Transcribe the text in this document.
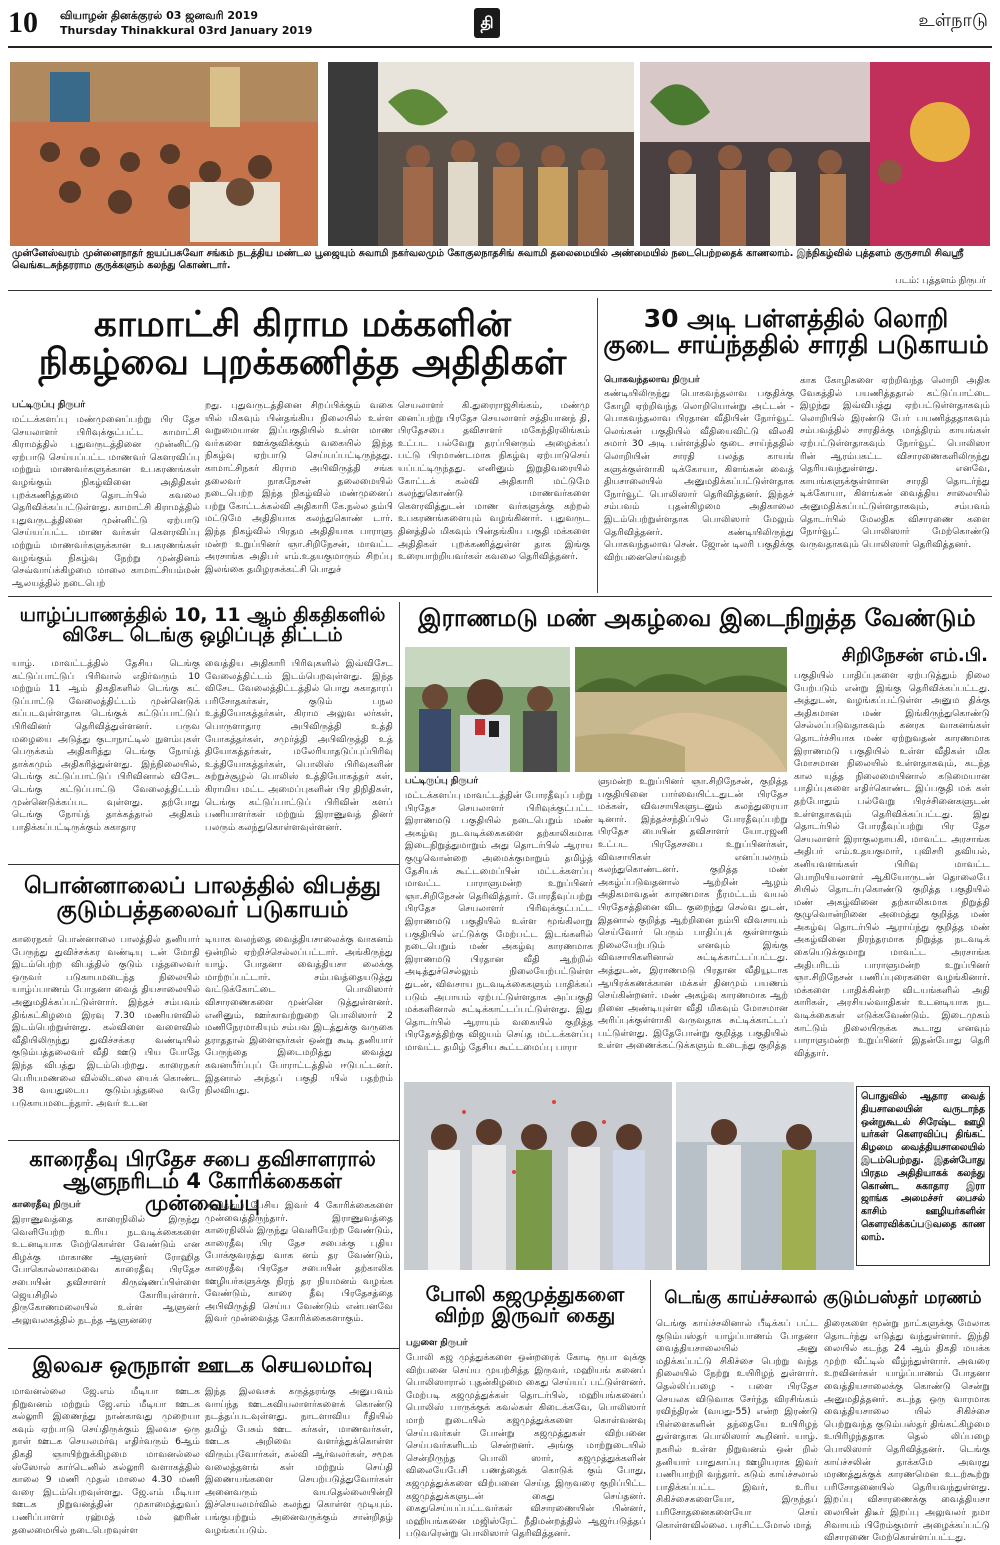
10 வியாழன் தினக்குரல் 03 ஜனவரி 2019
Thursday Thinakkural 03rd January 2019	தி	உள்நாடு
முன்னேஸ்வரம் முன்னைநாதர் ஐயப்பசுவோ சங்கம் நடத்திய மண்டல பூஜையும் சுவாமி நகர்வலமும் கோகுலநாதசிங் சுவாமி தலைமையில் அண்மையில் நடைபெற்றதைக் காணலாம். இந்நிகழ்வில் புத்தளம் குருசாமி சிவஸ்ரீ வெங்கடசுந்தரராம குருக்களும் கலந்து கொண்டார்.
படம்: புத்தளம் நிருபர்
காமாட்சி கிராம மக்களின்
நிகழ்வை புறக்கணித்த அதிதிகள்
பட்டிருப்பு நிருபர்
மட்டக்களப்பு மண்முனைப்பற்று பிர தேச செயலாளர் பிரிவுக்குட்பட்ட காமாட்சி கிராமத்தில் புதுவருடத்தினை முன்னிட்டு ஏற்பாடு செய்யப்பட்ட மாணவர் கௌரவிப்பு மற்றும் மாணவர்களுக்கான உபகரணங்கள் வழங்கும் நிகழ்வினை அதிதிகள் புறக்கணித்தமை தொடர்பில் கவலை தெரிவிக்கப்பட்டுள்ளது. காமாட்சி கிராமத்தில் புதுவருடத்தினை முன்னிட்டு ஏற்பாடு செய்யப்பட்ட மாண வர்கள் கௌரவிப்பு மற்றும் மாணவர்களுக்கான உபகரணங்கள் வழங்கும் நிகழ்வு நேற்று முன்தினம் செவ்வாய்க்கிழமை மாலை காமாட்சியம்மன் ஆலயத்தில் நடைபெற்
றது. புதுவருடத்தினை சிறப்பிக்கும் வகை யில் மிகவும் பின்தங்கிய நிலையில் உள்ள வறுமையான இப்பகுதியில் உள்ள மாண வர்களை ஊக்குவிக்கும் வகையில் இந்த நிகழ்வு ஏற்பாடு செய்யப்பட்டிருந்தது. காமாட்சிநகர் கிராம அபிவிருத்தி சங்க தலைவர் நாகநேசன் தலைமையில் நடைபெற்ற இந்த நிகழ்வில் மண்முனைப் பற்று கோட்டக்கல்வி அதிகாரி கே.நல்ல தம்பி மட்டுமே அதிதியாக கலந்துகொண் டார். இந்த நிகழ்வில் பிரதம அதிதியாக பாராளு மன்ற உறுப்பினர் ஞா.சிறிநேசன், மாவட்ட அரசாங்க அதிபர் எம்.உதயகுமாரும் சிறப்பு இலங்கை தமிழரசுக்கட்சி பொதுச்
செயலாளர் கி.துரைராஜசிங்கம், மண்மு னைப்பற்று பிரதேச செயலாளர் சத்தியானந் தி, பிரதேசபை தவிசாளர் மகேந்திரலிங்கம் உட்பட பல்வேறு தரப்பினரும் அழைக்கப் பட்டு பிரமாண்டமாக நிகழ்வு ஏற்பாடுசெய் யப்பட்டிருந்தது. எனினும் இறுதிவரையில் கோட்டக் கல்வி அதிகாரி மட்டுமே கலந்துகொண்டு மாணவர்களை கௌரவித்துடன் மாண வர்களுக்கு கற்றல் உபகரணங்களையும் வழங்கினார். புதுவருட தினத்தில் மிகவும் பின்தங்கிய பகுதி மக்களை அதிதிகள் புறக்கணித்துள்ள தாக இங்கு உரையாற்றியவர்கள் கவலை தெரிவித்தனர்.
30 அடி பள்ளத்தில் லொறி
குடை சாய்ந்ததில் சாரதி படுகாயம்
பொகவந்தலாவ நிருபர்
கண்டியிலிருந்து பொகவந்தலாவ பகுதிக்கு கோழி ஏற்றிவந்த லொறியொன்று அட்டன் - பொகவந்தலாவ பிரதான வீதியின் நோர்வூட் லெங்கன் பகுதியில் வீதியைவிட்டு விலகி சுமார் 30 அடி பள்ளத்தில் குடை சாய்ந்ததில் லொறியின் சாரதி பலத்த காயங் களுக்குள்ளாகி டிக்கோயா, கிளங்கன் வைத் தியசாலையில் அனுமதிக்கப்பட்டுள்ளதாக நோர்வூட் பொலிஸார் தெரிவித்தனர். இந்தச் சம்பவம் புதன்கிழமை அதிகாலை இடம்பெற்றுள்ளதாக பொலிஸார் மேலும் தெரிவித்தனர். கண்டியிலிருந்து பொகவந்தலாவ சென். ஜோன் டிலரி பகுதிக்கு விற்பனைசெய்வதற்
காக கோழிகளை ஏற்றிவந்த லொறி அதிக வேகத்தில் பயணித்ததால் கட்டுப்பாட்டை இழந்து இவ்விபத்து ஏற்பட்டுள்ளதாகவும் லொறியில் இரண்டு பேர் பயணித்ததாகவும் சம்பவத்தில் சாரதிக்கு மாத்திரம் காயங்கள் ஏற்பட்டுள்ளதாகவும் நோர்வூட் பொலிஸா ரின் ஆரம்பகட்ட விசாரணைகளிலிருந்து தெரியவந்துள்ளது. எனவே, காயங்களுக்குள்ளான சாரதி தொடர்ந்து டிக்கோயா, கிளங்கன் வைத்திய சாலையில் அனுமதிக்கப்பட்டுள்ளதாகவும், சம்பவம் தொடர்பில் மேலதிக விசாரணை களை நோர்வூட் பொலிஸார் மேற்கொண்டு வருவதாகவும் பொலிஸார் தெரிவித்தனர்.
யாழ்ப்பாணத்தில் 10, 11 ஆம் திகதிகளில்
விசேட டெங்கு ஒழிப்புத் திட்டம்
யாழ். மாவட்டத்தில் தேசிய டெங்கு கட்டுப்பாட்டுப் பிரிவால் எதிர்வரும் 10 மற்றும் 11 ஆம் திகதிகளில் டெங்கு கட் டுப்பாட்டு வேலைத்திட்டம் முன்னெடுக் கப்படவுள்ளதாக டெங்குக் கட்டுப்பாட்டுப் பிரிவினர் தெரிவித்துள்ளனர். பருவ மழையை அடுத்து குடாநாட்டில் நுளம்புகள் பெருக்கம் அதிகரித்து டெங்கு நோய்த் தாக்கமும் அதிகரித்துள்ளது. இந்நிலையில், டெங்கு கட்டுப்பாட்டுப் பிரிவினால் விசேட டெங்கு கட்டுப்பாட்டு வேலைத்திட்டம் முன்னெடுக்கப்பட வுள்ளது. தற்போது டெங்கு நோய்த் தாக்கத்தால் அதிகம் பாதிக்கப்பட்டிருக்கும் சுகாதார
வைத்திய அதிகாரி பிரிவுகளில் இவ்விசேட வேலைத்திட்டம் இடம்பெறவுள்ளது. இந்த விசேட வேலைத்திட்டத்தில் பொது சுகாதாரப் பரிசோதகர்கள், குடும் பநல உத்தியோகத்தர்கள், கிராம அலுவ லர்கள், பொருளாதார அபிவிருத்தி உத்தி யோகத்தர்கள், சமுர்த்தி அபிவிருத்தி உத் தியோகத்தர்கள், மலேரியாதடுப்புப்பிரிவு உத்தியோகத்தர்கள், பொலிஸ் பிரிவுகளின் சுற்றுச்சூழல் பொலிஸ் உத்தியோகத்தர் கள், கிராமிய மட்ட அமைப்புகளின் பிர திநிதிகள், டெங்கு கட்டுப்பாட்டுப் பிரிவின் களப் பணியாளர்கள் மற்றும் இராணுவத் தினர் பலரும் கலந்துகொள்ளவுள்ளனர்.
இராணமடு மண் அகழ்வை இடைநிறுத்த வேண்டும்
சிறிநேசன் எம்.பி.
பட்டிருப்பு நிருபர்
மட்டக்களப்பு மாவட்டத்தின் போரதீவுப் பற்று பிரதேச செயலாளர் பிரிவுக்குட்பட்ட இராணமடு பகுதியில் நடைபெறும் மண் அகழ்வு நடவடிக்கைகளை தற்காலிகமாக இடைநிறுத்துமாறும் அது தொடர்பில் ஆராய குழுவொன்றை அமைக்குமாறும் தமிழ்த் தேசியக் கூட்டமைப்பின் மட்டக்களப்பு மாவட்ட பாராளுமன்ற உறுப்பினர் ஞா.சிறிநேசன் தெரிவித்தார். போரதீவுப்பற்று பிரதேச செயலாளர் பிரிவுக்குட்பட்ட இராணமடு பகுதியில் உள்ள மூங்கிலாறு பகுதியில் எட்டுக்கு மேற்பட்ட இடங்களில் நடைபெறும் மண் அகழ்வு காரணமாக இராணமடு பிரதான வீதி ஆற்றில் அடித்துச்செல்லும் நிலையேற்பட்டுள்ள துடன், விவசாய நடவடிக்கைகளும் பாதிக்கப் படும் அபாயம் ஏற்பட்டுள்ளதாக அப்பகுதி மக்களினால் சுட்டிக்காட்டப்பட்டுள்ளது. இது தொடர்பில் ஆராயும் வகையில் குறித்த பிரதேசத்திற்கு விஜயம் செய்த மட்டக்களப்பு மாவட்ட தமிழ் தேசிய கூட்டமைப்பு பாரா
ளுமன்ற உறுப்பினர் ஞா.சிறிநேசன், குறித்த பகுதியினை பார்வையிட்டதுடன் பிரதேச மக்கள், விவசாயிகளுடனும் கலந்துரையா டினார். இந்தச்சந்திப்பில் போரதீவுப்பற்று பிரதேச பையின் தவிசாளர் யோ.ரஜனி உட்பட பிரதேசசபை உறுப்பினர்கள், விவசாயிகள் எனப்பலரும் கலந்துகொண்டனர். குறித்த மண் அகழ்ப்படுவதனால் ஆற்றின் ஆழம் அதிகமாவதன் காரணமாக நீரமட்டம் வயல் பிரதேசத்தினை விட குறைந்து செல்வ துடன், இதனால் குறித்த ஆற்றினை நம்பி விவசாயம் செய்வோர் பெரும் பாதிப்புக் குள்ளாகும் நிலையேற்படும் எனவும் இங்கு விவசாயிகளினால் சுட்டிக்காட்டப்பட்டது. அத்துடன், இராணமடு பிரதான வீதியூடாக ஆயிரக்கணக்கான மக்கள் தினமும் பயணம் செய்கின்றனர். மண் அகழ்வு காரணமாக ஆற் றினை அண்டியுள்ள வீதி மிகவும் மோசமான அரிப்புக்குள்ளாகி வருவதாக சுட்டிக்காட்டப் பட்டுள்ளது. இதேபோன்று குறித்த பகுதியில் உள்ள அணைக்கட்டுக்களும் உடைந்து குறித்த
பகுதியில் பாதிப்புகளை ஏற்படுத்தும் நிலை யேற்படும் என்று இங்கு தெரிவிக்கப்பட்டது. அத்துடன், வழங்கப்பட்டுள்ள அனும திக்கு அதிகமான மண் இங்கிருந்துகொண்டு செல்லப்படுவதாகவும் கனரக வாகனங்கள் தொடர்ச்சியாக மண் ஏற்றுவதன் காரணமாக இராணமடு பகுதியில் உள்ள வீதிகள் மிக மோசமான நிலையில் உள்ளதாகவும், கடந்த கால யுத்த நிலைமையினால் கடுமையான பாதிப்புகளை எதிர்கொண்ட இப்பகுதி மக் கள் தற்போதும் பல்வேறு பிரச்சினைகளுடன் உள்ளதாகவும் தெரிவிக்கப்பட்டது. இது தொடர்பில் போரதீவுப்பற்று பிர தேச செயலாளர் இராகுலநாயகி, மாவட்ட அரசாங்க அதிபர் எம்.உதயகுமார், புவிசரி தவியல், கனியவளங்கள் பிரிவு மாவட்ட பொறியியலாளர் ஆகியோருடன் தொலைபே சியில் தொடர்புகொண்டு குறித்த பகுதியில் மண் அகழ்வினை தற்காலிகமாக நிறுத்தி குழுவொன்றினை அமைத்து குறித்த மண் அகழ்வு தொடர்பில் ஆராய்ந்து குறித்த மண் அகழ்வினை நிரந்தரமாக நிறுத்த நடவடிக் கையெடுக்குமாறு மாவட்ட அரசாங்க அதிபரிடம் பாராளுமன்ற உறுப்பினர் ஞா.சிறிநேசன் பணிப்புரைகளை வழங்கினார். மக்களை பாதிக்கின்ற விடயங்களில் அதி காரிகள், அரசியல்வாதிகள் உடனடியாக நட வடிக்கைகள் எடுக்கவேண்டும். இடைமுகம் காட்டும் நிலையிருக்க கூடாது எனவும் பாராளுமன்ற உறுப்பினர் இதன்போது தெரி வித்தார்.
பொன்னாலைப் பாலத்தில் விபத்து
குடும்பத்தலைவர் படுகாயம்
காரைநகர் பொன்னாலை பாலத்தில் தனியார் பேருந்து துவிச்சக்கர வண்டியு டன் மோதி இடம்பெற்ற விபத்தில் குடும் பத்தலைவர் ஒருவர் படுகாயமடைந்த நிலையில் யாழ்ப்பாணம் போதனா வைத் தியசாலையில் அனுமதிக்கப்பட்டுள்ளார். இந்தச் சம்பவம் திங்கட்கிழமை இரவு 7.30 மணியளவில் இடம்பெற்றுள்ளது. கல்விளை வளைவில் வீதியிலிருந்து துவிச்சக்கர வண்டியில் குடும்பத்தலைவர் வீதி ஊடு பிய போதே இந்த விபத்து இடம்பெற்றது. காரைநகர் பெரியமணலை வில்லிடலை யைக் கொண்ட 38 வயதுடைய குடும்பத்தலை வரே படுகாயமடைந்தார். அவர் உடன
டியாக வலந்தை வைத்தியசாலைக்கு வாகனம் ஒன்றில் ஏற்றிச்செல்லப்பட்டார். அங்கிருந்து யாழ். போதனா வைத்தியசா லைக்கு மாற்றப்பட்டார். சம்பவத்தையடுத்து வட்டுக்கோட்டை பொலிஸார் விசாரணைகளை முன்னெ டுத்துள்ளனர். எனினும், ஊர்காவற்றுறை பொலிஸார் 2 மணிநேரமாகியும் சம்பவ இடத்துக்கு வருகை தராததால் இளைஞர்கள் ஒன்று கூடி தனியார் பேருந்தை இடைமறித்து வைத்து கவனயீர்ப்புப் போராட்டத்தில் ஈடுபட்டனர். இதனால் அந்தப் பகுதி யில் பதற்றம் நிலவியது.
காரைதீவு பிரதேச சபை தவிசாளரால்
ஆளுநரிடம் 4 கோரிக்கைகள் முன்வைப்பு
காரைதீவு நிருபர்
இராணுவத்தை காரைநிலில் இருந்து வெளியேற்ற உரிய நடவடிக்கைகளை உடனடியாக மேற்கொள்ள வேண்டும் என கிழக்கு மாகாண ஆளுனர் ரோஹித போகொல்லாகமவை காரைதீவு பிரதேச சபையின் தவிசாளர் கிருஷ்ணப்பிள்ளை ஜெயசிறில் கோரியுள்ளார். திருகோணமலையில் உள்ள ஆளுனர் அலுவலகத்தில் நடந்த ஆளுனரை
சந்தித்துப் பேசிய இவர் 4 கோரிக்கைகளை முன்வைத்திருந்தார். இராணுவத்தை காரைநிலில் இருந்து வெளியேற்ற வேண்டும், காரைதீவு பிர தேச சபைக்கு புதிய போக்குவரத்து வாக னம் தர வேண்டும், காரைதீவு பிரதேச சபையின் தற்காலிக ஊழியர்களுக்கு நிரந் தர நியமனம் வழங்க வேண்டும், காரை தீவு பிரதேசத்தை அபிவிருத்தி செய்ய வேண்டும் என்பனவே இவர் முன்வைத்த கோரிக்கைகளாகும்.
இலவச ஒருநாள் ஊடக செயலமர்வு
மாவனல்லை ஜே.எம் மீடியா ஊடக நிறுவனம் மற்றும் ஜே.எம் மீடியா ஊடக கல்லூரி இணைந்து நான்காவது முறையா கவும் ஏற்பாடு செய்திருக்கும் இலவச ஒரு நாள் ஊடக செயலமர்வு எதிர்வரும் 6ஆம் திகதி ஞாயிற்றுக்கிழமை மாவனல்லை ஸ்ஸோல் கார்டெனில் கல்லூரி வளாகத்தில் காலை 9 மணி முதல் மாலை 4.30 மணி வரை இடம்பெறவுள்ளது. ஜே.எம் மீடியா ஊடக நிறுவனத்தின் முகாமைத்துவப் பணிப்பாளர் ரஹ்மத் மல் ஹரின் தலைமையில் நடைபெறவுள்ள
இந்த இலவசக் கருத்தரங்கு அனுபவம் வாய்ந்த ஊடகவியலாளர்களைக் கொண்டு நடத்தப்படவுள்ளது. நாடளாவிய ரீதியில் தமிழ் பேசும் ஊட கர்கள், மாணவர்கள், ஊடக அறிவை வளர்த்துக்கொள்ள விரும்புவோர்கள், கல்வி ஆர்வலர்கள், சமூக வலைத்தளங் கள் மற்றும் செய்தி இணையங்களை செயற்படுத்துவோர்கள் அனைவரும் வயதெல்லையின்றி இச்செயலமர்வில் கலந்து கொள்ள முடியும். பங்குபற்றும் அனைவருக்கும் சான்றிதழ் வழங்கப்படும்.
பொதுவில் ஆதார வைத் தியசாலையின் வருடாந்த ஒன்றுகூடல் சிரேஷ்ட ஊழி யர்கள் கௌரவிப்பு திங்கட் கிழமை வைத்தியசாலையில் இடம்பெற்றது. இதன்போது பிரதம அதிதியாகக் கலந்து கொண்ட சுகாதார இரா ஜாங்க அமைச்சர் பைசல் காசிம் ஊழியர்களின் கௌரவிக்கப்படுவதை காண லாம்.
போலி கஜமுத்துகளை
விற்ற இருவர் கைது
பதுளை நிருபர்
போலி கஜ முத்துக்களை ஒன்றரைக் கோடி ரூபா வுக்கு விற்பனை செய்ய முயற்சித்த இருவர், மஹியங் கனைப் பொலிஸாரால் புதன்கிழமை கைது செய்யப் பட்டுள்ளனர். மேற்படி கஜமுத்துக்கள் தொடர்பில், மஹியங்கனைப் பொலிஸ் பாருக்குக் கவல்கள் கிடைக்கவே, பொலிஸார் மாற் றுடையில் கஜமுத்துக்களை கொள்வனவு செய்பவர்கள் போன்று கஜமுத்துகள் விற்பனை செய்பவர்களிடம் சென்றனர். அங்கு மாற்றுடையில் சென்றிருந்த பொலி ஸார், கஜமுத்துக்களின் விலையேபேசி பணத்தைக் கொடுக் கும் போது, கஜமுத்துக்களை விற்பனை செய்த இருவரை குறிப்பிட்ட கஜமுத்துக்களுடன் கைது செய்தனர். கைதுசெய்யப்பட்டவர்கள் விசாரணையின் பின்னர், மஹியங்கனை மஜிஸ்ரேட் நீதிமன்றத்தில் ஆஜர்படுத்தப் படுவரென்று பொலிஸார் தெரிவித்தனர்.
டெங்கு காய்ச்சலால் குடும்பஸ்தர் மரணம்
டெங்கு காய்ச்சலினால் பீடிக்கப் பட்ட குடும்பஸ்தர் யாழ்ப்பாணம் போதனா வைத்தியசாலையில் அனு மதிக்கப்பட்டு சிகிச்சை பெற்று வந்த நிலையில் நேற்று உயிரிழந் துள்ளார். தெல்லிப்பழை - பளை பிரதேச செயலக விடுவாக சேர்ந்த விரசிங்கம் ரவிந்திரன் (வயது-55) என்ற இரண்டு பிள்ளைகளின் தந்தையே உயிரிழந் துள்ளதாக பொலிஸார் கூறினர். யாழ். நகரில் உள்ள நிறுவனம் ஒன் றில் தனியார் பாதுகாப்பு ஊழியராக இவர் பணியாற்றி வந்தார். கடும் காய்ச்சலால் பாதிக்கப்பட்ட இவர், உரிய சிகிச்சைகளையோ, இருந்தப் பரிசோதனைகளையோ செய் கொள்ளவில்லை. பரசிட்டமோல் மாத்
திரைகளை மூன்று நாட்களுக்கு மேலாக தொடர்ந்து எடுத்து வந்துள்ளார். இந்தி லையில் கடந்த 24 ஆம் திகதி மயக்க முற்ற வீட்டில் வீழ்ந்துள்ளார். அவரை உறவினர்கள் யாழ்ப்பாணம் போதனா வைத்தியசாலைக்கு கொண்டு சென்று அனுமதித்தனர். கடந்த ஒரு வாரமாக வைத்தியசாலை யில் சிகிச்சை பெற்றுவந்த குடும்பஸ்தர் திங்கட்கிழமை உயிரிழந்ததாக தெல் லிப்பழை பொலிஸார் தெரிவித்தனர். டெங்கு காய்ச்சலின் தாக்கமே அவரது மரணத்துக்குக் காரணமென உடற்கூற்று பரிசோதனையில் தெரியவந்துள்ளது. இறப்பு விசாரணைக்கு வைத்தியசா லையின் திடீர் இறப்பு அலுவலர் நமா சிவாயம் பிறேம்குமார் அழைக்கப்பட்டு விசாரணை மேற்கொள்ளப்பட்டது.
